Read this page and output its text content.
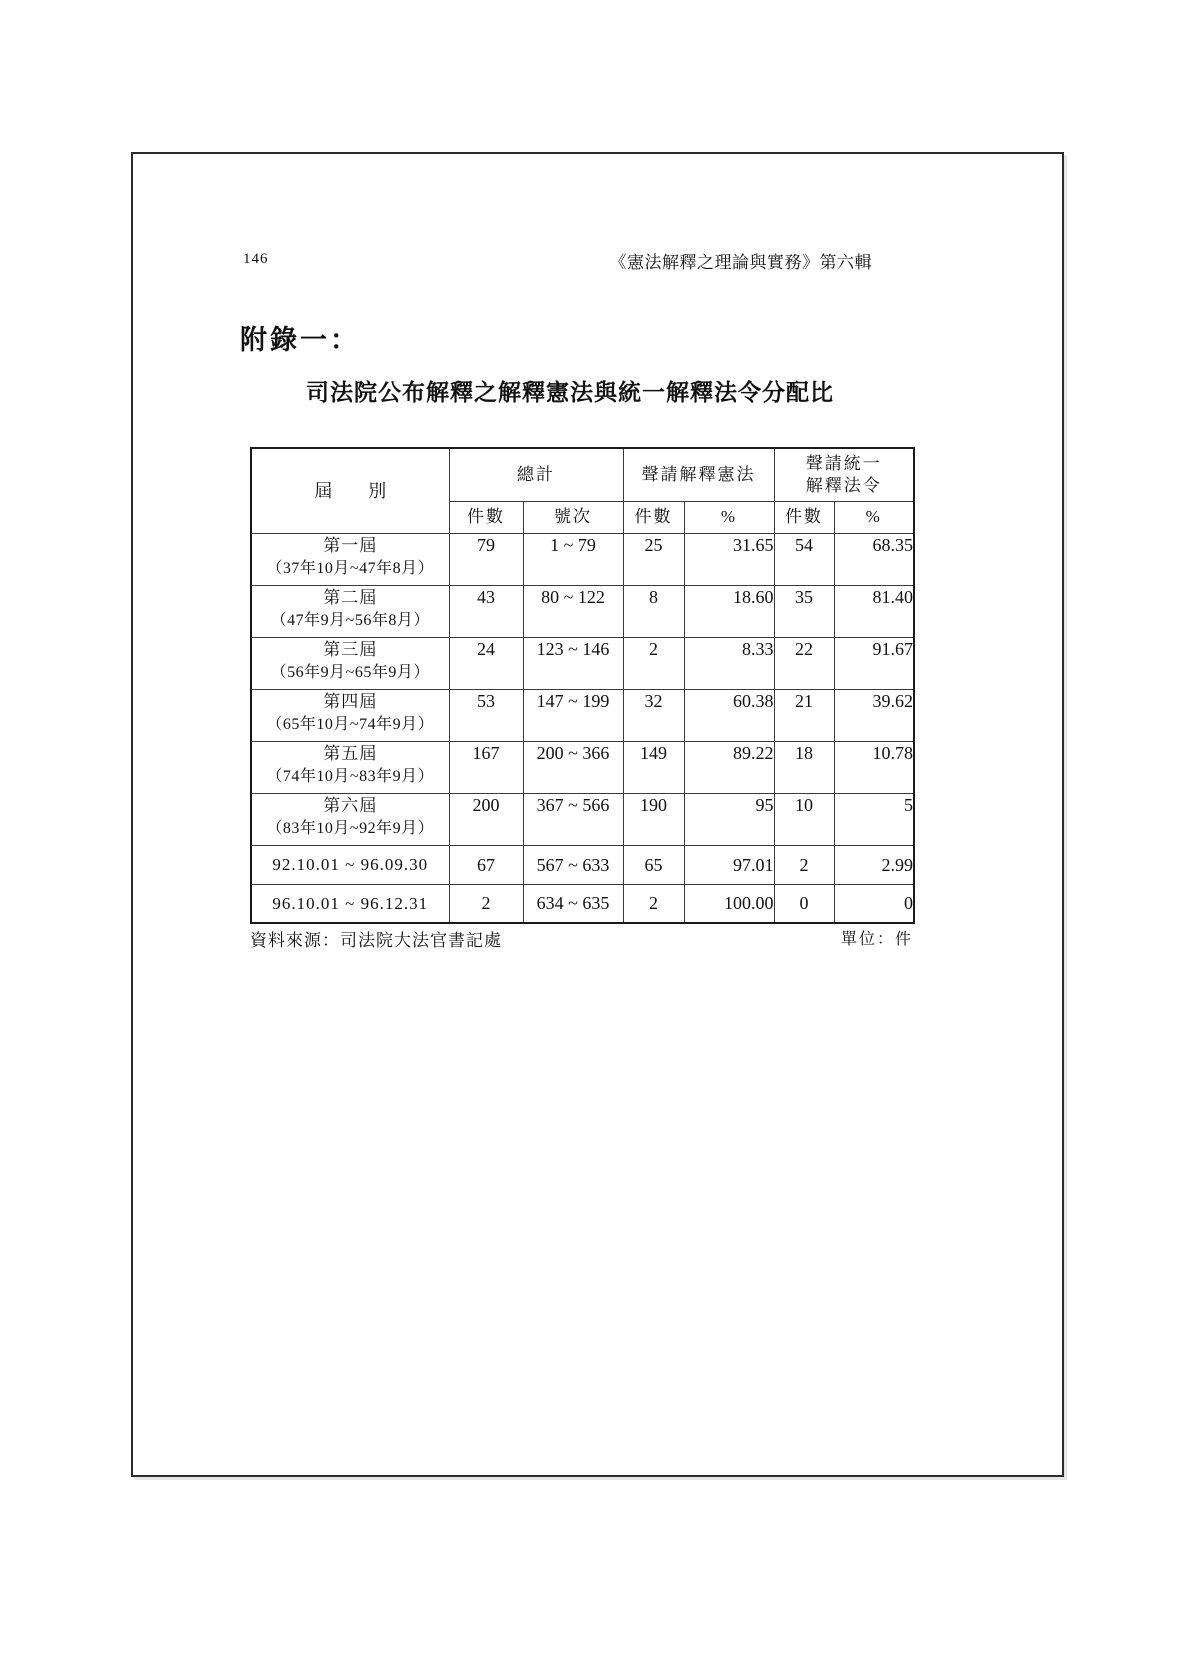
146	《憲法解釋之理論與實務》第六輯
附錄一：
司法院公布解釋之解釋憲法與統一解釋法令分配比
屆　　別	總計		聲請解釋憲法		聲請統一
解釋法令	

	件數	號次	件數	%	件數	%

第一屆
（37年10月~47年8月）	79	1 ~ 79	25	31.65	54	68.35

第二屆
（47年9月~56年8月）	43	80 ~ 122	8	18.60	35	81.40

第三屆
（56年9月~65年9月）	24	123 ~ 146	2	8.33	22	91.67

第四屆
（65年10月~74年9月）	53	147 ~ 199	32	60.38	21	39.62

第五屆
（74年10月~83年9月）	167	200 ~ 366	149	89.22	18	10.78

第六屆
（83年10月~92年9月）	200	367 ~ 566	190	95	10	5

92.10.01 ~ 96.09.30	67	567 ~ 633	65	97.01	2	2.99

96.10.01 ~ 96.12.31	2	634 ~ 635	2	100.00	0	0
資料來源：司法院大法官書記處	單位：件
